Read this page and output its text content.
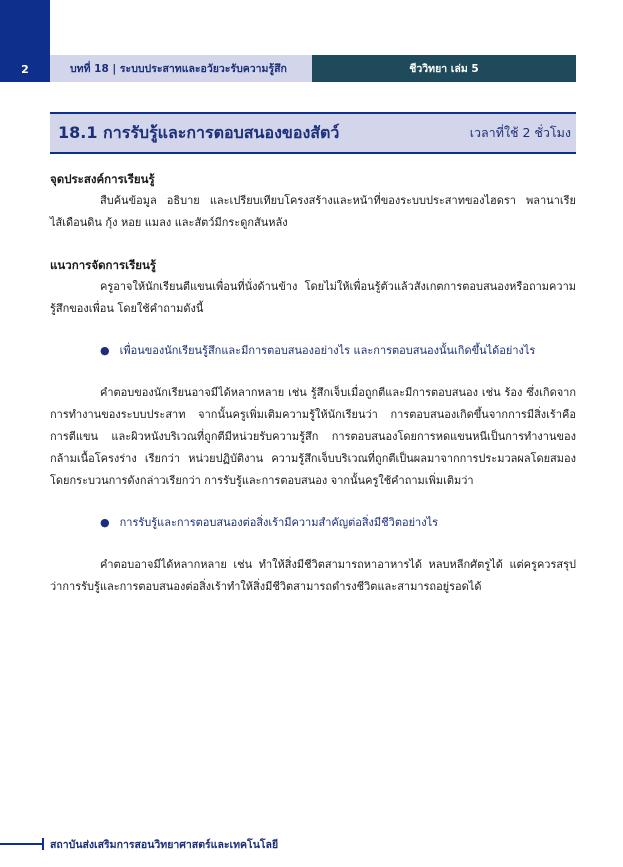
2	บทที่ 18 | ระบบประสาทและอวัยวะรับความรู้สึก	ชีววิทยา เล่ม 5
18.1 การรับรู้และการตอบสนองของสัตว์	เวลาที่ใช้ 2 ชั่วโมง

จุดประสงค์การเรียนรู้

สืบค้นข้อมูล อธิบาย และเปรียบเทียบโครงสร้างและหน้าที่ของระบบประสาทของไฮดรา พลานาเรีย ไส้เดือนดิน กุ้ง หอย แมลง และสัตว์มีกระดูกสันหลัง

แนวการจัดการเรียนรู้

ครูอาจให้นักเรียนตีแขนเพื่อนที่นั่งด้านข้าง โดยไม่ให้เพื่อนรู้ตัวแล้วสังเกตการตอบสนองหรือถามความรู้สึกของเพื่อน โดยใช้คำถามดังนี้

● เพื่อนของนักเรียนรู้สึกและมีการตอบสนองอย่างไร และการตอบสนองนั้นเกิดขึ้นได้อย่างไร

คำตอบของนักเรียนอาจมีได้หลากหลาย เช่น รู้สึกเจ็บเมื่อถูกตีและมีการตอบสนอง เช่น ร้อง ซึ่งเกิดจากการทำงานของระบบประสาท จากนั้นครูเพิ่มเติมความรู้ให้นักเรียนว่า การตอบสนองเกิดขึ้นจากการมีสิ่งเร้าคือ การตีแขน และผิวหนังบริเวณที่ถูกตีมีหน่วยรับความรู้สึก การตอบสนองโดยการหดแขนหนีเป็นการทำงานของกล้ามเนื้อโครงร่าง เรียกว่า หน่วยปฏิบัติงาน ความรู้สึกเจ็บบริเวณที่ถูกตีเป็นผลมาจากการประมวลผลโดยสมอง โดยกระบวนการดังกล่าวเรียกว่า การรับรู้และการตอบสนอง จากนั้นครูใช้คำถามเพิ่มเติมว่า

● การรับรู้และการตอบสนองต่อสิ่งเร้ามีความสำคัญต่อสิ่งมีชีวิตอย่างไร

คำตอบอาจมีได้หลากหลาย เช่น ทำให้สิ่งมีชีวิตสามารถหาอาหารได้ หลบหลีกศัตรูได้ แต่ครูควรสรุปว่าการรับรู้และการตอบสนองต่อสิ่งเร้าทำให้สิ่งมีชีวิตสามารถดำรงชีวิตและสามารถอยู่รอดได้

สถาบันส่งเสริมการสอนวิทยาศาสตร์และเทคโนโลยี
